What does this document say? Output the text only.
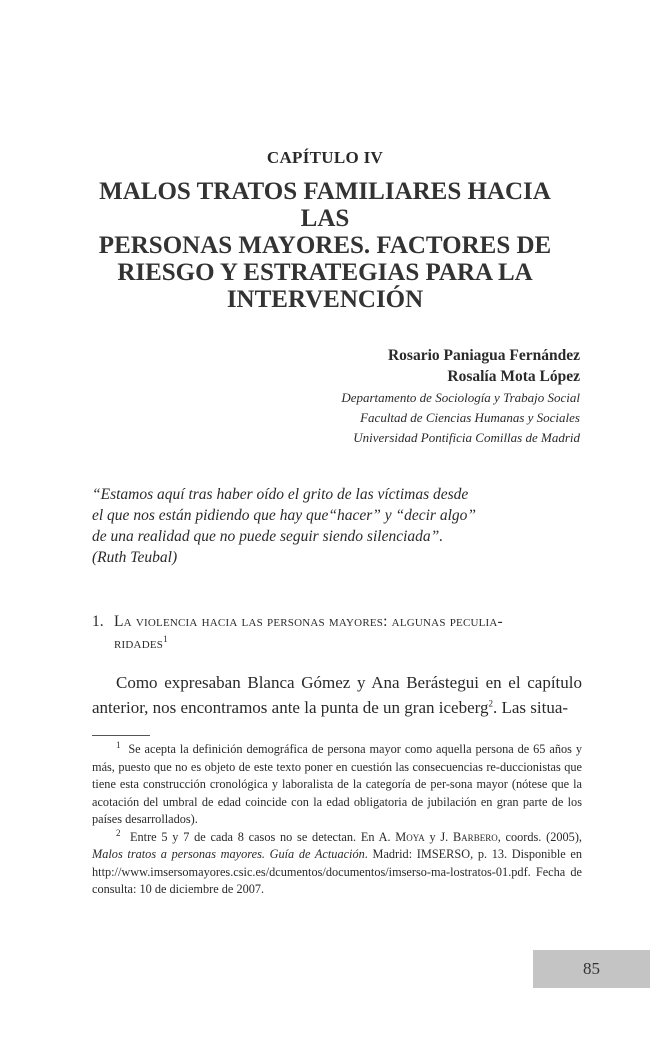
CAPÍTULO IV
MALOS TRATOS FAMILIARES HACIA LAS
PERSONAS MAYORES. FACTORES DE
RIESGO Y ESTRATEGIAS PARA LA
INTERVENCIÓN
Rosario Paniagua Fernández
Rosalía Mota López
Departamento de Sociología y Trabajo Social
Facultad de Ciencias Humanas y Sociales
Universidad Pontificia Comillas de Madrid
“Estamos aquí tras haber oído el grito de las víctimas desde
el que nos están pidiendo que hay que“hacer” y “decir algo”
de una realidad que no puede seguir siendo silenciada”.
(Ruth Teubal)
1. La violencia hacia las personas mayores: algunas peculia-
ridades$^1$

Como expresaban Blanca Gómez y Ana Berástegui en el capítulo anterior, nos encontramos ante la punta de un gran iceberg$^2$. Las situa-

$^1$ Se acepta la definición demográfica de persona mayor como aquella persona de 65 años y más, puesto que no es objeto de este texto poner en cuestión las consecuencias re-duccionistas que tiene esta construcción cronológica y laboralista de la categoría de per-sona mayor (nótese que la acotación del umbral de edad coincide con la edad obligatoria de jubilación en gran parte de los países desarrollados).

$^2$ Entre 5 y 7 de cada 8 casos no se detectan. En A. Moya y J. Barbero, coords. (2005), Malos tratos a personas mayores. Guía de Actuación. Madrid: IMSERSO, p. 13. Disponible en http://www.imsersomayores.csic.es/dcumentos/documentos/imserso-ma-lostratos-01.pdf. Fecha de consulta: 10 de diciembre de 2007.

85
